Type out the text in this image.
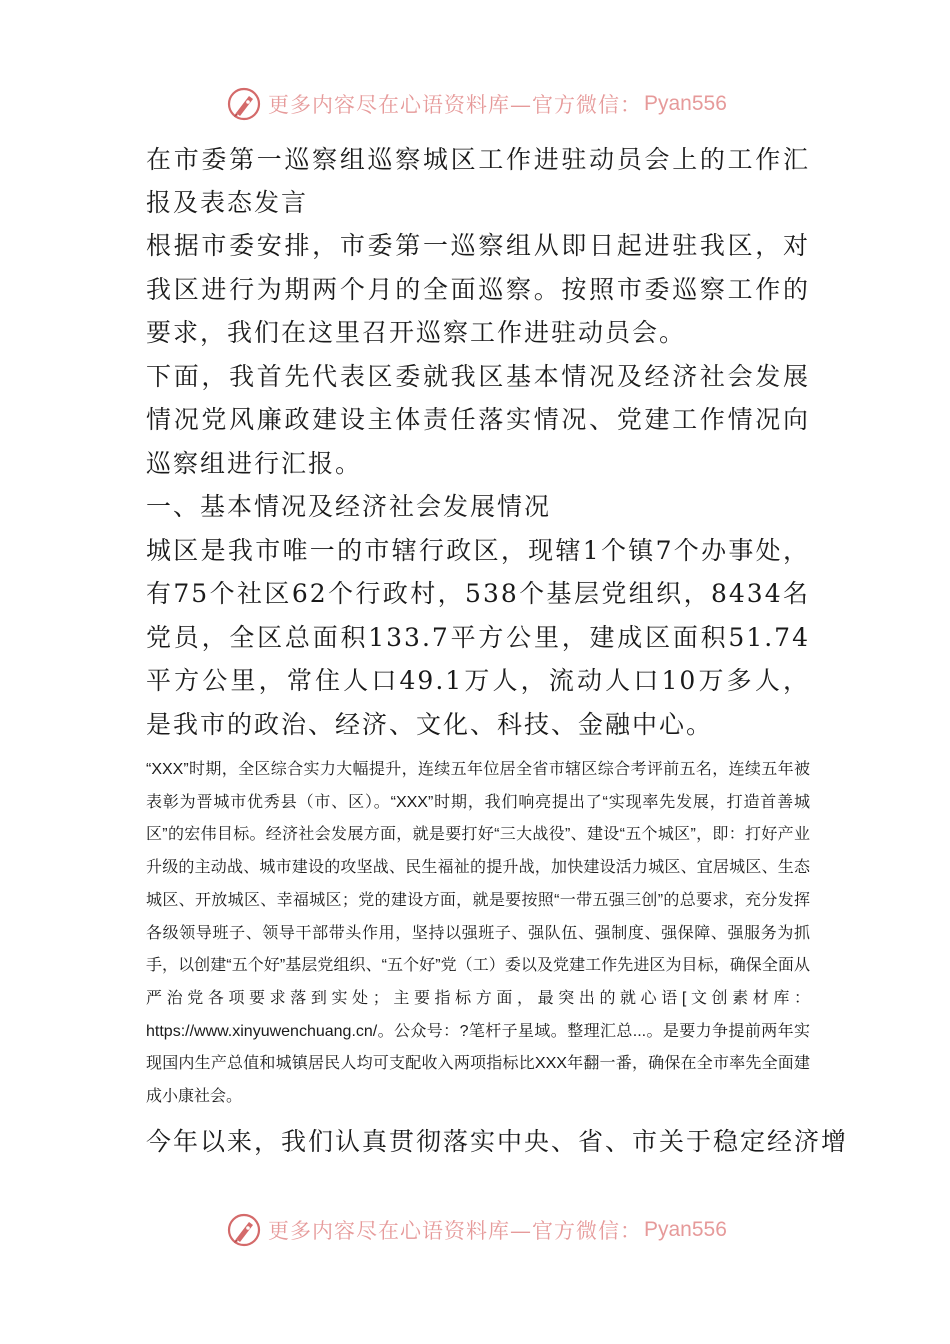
更多内容尽在心语资料库—官方微信： Pyan556

在市委第一巡察组巡察城区工作进驻动员会上的工作汇报及表态发言

根据市委安排，市委第一巡察组从即日起进驻我区，对我区进行为期两个月的全面巡察。按照市委巡察工作的要求，我们在这里召开巡察工作进驻动员会。

下面，我首先代表区委就我区基本情况及经济社会发展情况党风廉政建设主体责任落实情况、党建工作情况向巡察组进行汇报。

一、基本情况及经济社会发展情况

城区是我市唯一的市辖行政区，现辖1个镇7个办事处，有75个社区62个行政村，538个基层党组织，8434名党员，全区总面积133.7平方公里，建成区面积51.74平方公里，常住人口49.1万人，流动人口10万多人，是我市的政治、经济、文化、科技、金融中心。

“XXX”时期，全区综合实力大幅提升，连续五年位居全省市辖区综合考评前五名，连续五年被表彰为晋城市优秀县（市、区）。“XXX”时期，我们响亮提出了“实现率先发展，打造首善城区”的宏伟目标。经济社会发展方面，就是要打好“三大战役”、建设“五个城区”，即：打好产业升级的主动战、城市建设的攻坚战、民生福祉的提升战，加快建设活力城区、宜居城区、生态城区、开放城区、幸福城区；党的建设方面，就是要按照“一带五强三创”的总要求，充分发挥各级领导班子、领导干部带头作用，坚持以强班子、强队伍、强制度、强保障、强服务为抓手，以创建“五个好”基层党组织、“五个好”党（工）委以及党建工作先进区为目标，确保全面从严治党各项要求落到实处；主要指标方面，最突出的就心语[文创素材库：https://www.xinyuwenchuang.cn/。公众号：?笔杆子星域。整理汇总...。是要力争提前两年实现国内生产总值和城镇居民人均可支配收入两项指标比XXX年翻一番，确保在全市率先全面建成小康社会。

今年以来，我们认真贯彻落实中央、省、市关于稳定经济增

更多内容尽在心语资料库—官方微信： Pyan556
